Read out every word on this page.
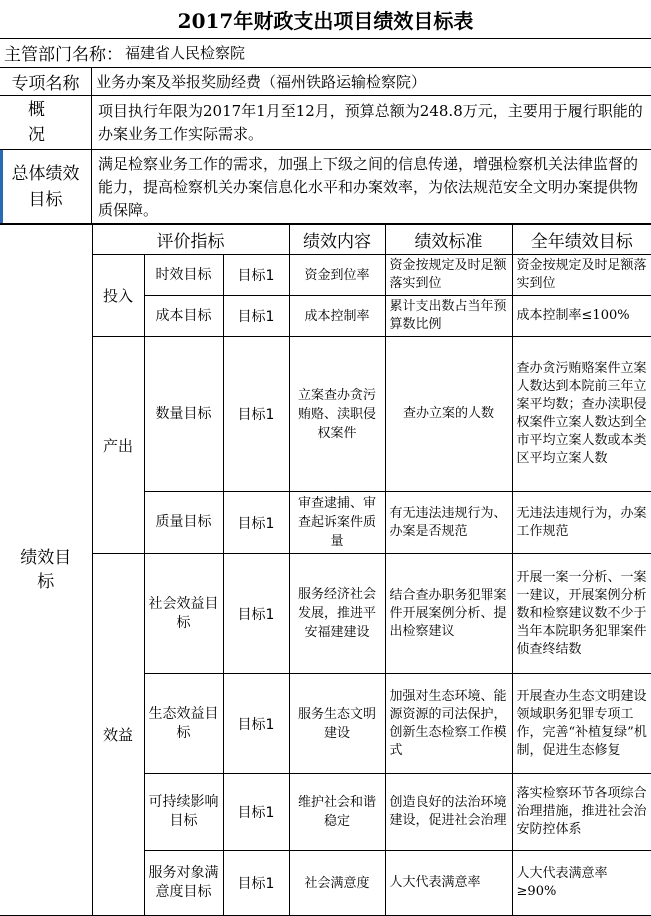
2017年财政支出项目绩效目标表
主管部门名称： 福建省人民检察院
专项名称	业务办案及举报奖励经费（福州铁路运输检察院）
概况
项目执行年限为2017年1月至12月，预算总额为248.8万元，主要用于履行职能的办案业务工作实际需求。
总体绩效目标
满足检察业务工作的需求，加强上下级之间的信息传递，增强检察机关法律监督的能力，提高检察机关办案信息化水平和办案效率，为依法规范安全文明办案提供物质保障。
绩效目标	评价指标			绩效内容	绩效标准	全年绩效目标
	投入	时效目标	目标1	资金到位率	资金按规定及时足额落实到位	资金按规定及时足额落实到位
		成本目标	目标1	成本控制率	累计支出数占当年预算数比例	成本控制率≤100%
	产出	数量目标	目标1	立案查办贪污贿赂、渎职侵权案件	查办立案的人数	查办贪污贿赂案件立案人数达到本院前三年立案平均数；查办渎职侵权案件立案人数达到全市平均立案人数或本类区平均立案人数
		质量目标	目标1	审查逮捕、审查起诉案件质量	有无违法违规行为、办案是否规范	无违法违规行为，办案工作规范
	效益	社会效益目标	目标1	服务经济社会发展，推进平安福建建设	结合查办职务犯罪案件开展案例分析、提出检察建议	开展一案一分析、一案一建议，开展案例分析数和检察建议数不少于当年本院职务犯罪案件侦查终结数
		生态效益目标	目标1	服务生态文明建设	加强对生态环境、能源资源的司法保护，创新生态检察工作模式	开展查办生态文明建设领域职务犯罪专项工作，完善“补植复绿”机制，促进生态修复
		可持续影响目标	目标1	维护社会和谐稳定	创造良好的法治环境建设，促进社会治理	落实检察环节各项综合治理措施，推进社会治安防控体系
		服务对象满意度目标	目标1	社会满意度	人大代表满意率	人大代表满意率≥90%
